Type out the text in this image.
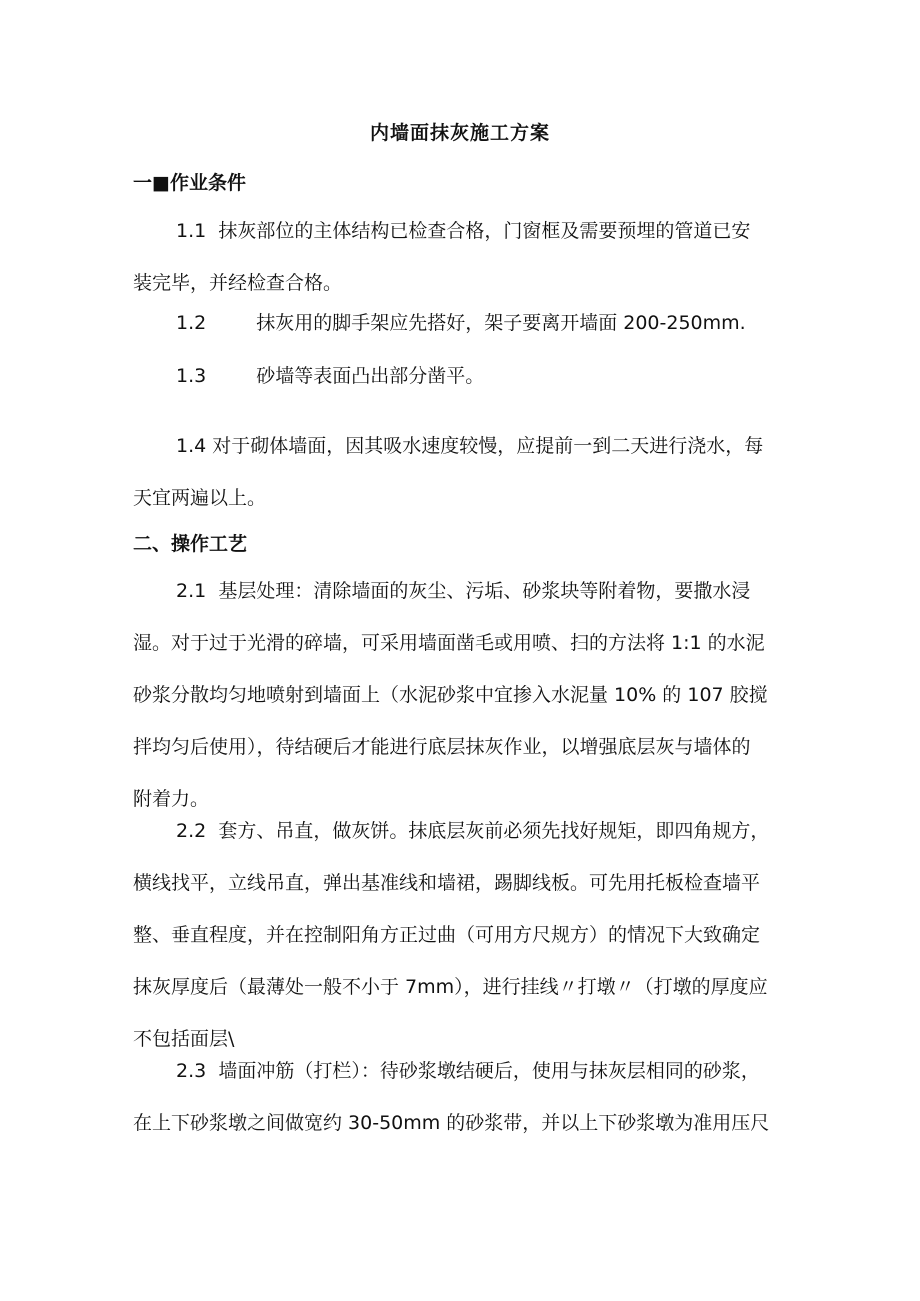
内墙面抹灰施工方案
一■作业条件
1.1 抹灰部位的主体结构已检查合格，门窗框及需要预埋的管道已安
装完毕，并经检查合格。
1.2	抹灰用的脚手架应先搭好，架子要离开墙面 200-250mm.
1.3	砂墙等表面凸出部分凿平。
1.4 对于砌体墙面，因其吸水速度较慢，应提前一到二天进行浇水，每
天宜两遍以上。
二、操作工艺
2.1 基层处理：清除墙面的灰尘、污垢、砂浆块等附着物，要撒水浸
湿。对于过于光滑的碎墙，可采用墙面凿毛或用喷、扫的方法将 1:1 的水泥
砂浆分散均匀地喷射到墙面上（水泥砂浆中宜掺入水泥量 10% 的 107 胶搅
拌均匀后使用），待结硬后才能进行底层抹灰作业，以增强底层灰与墙体的
附着力。
2.2 套方、吊直，做灰饼。抹底层灰前必须先找好规矩，即四角规方，
横线找平，立线吊直，弹出基准线和墙裙，踢脚线板。可先用托板检查墙平
整、垂直程度，并在控制阳角方正过曲（可用方尺规方）的情况下大致确定
抹灰厚度后（最薄处一般不小于 7mm），进行挂线〃打墩〃（打墩的厚度应
不包括面层\
2.3 墙面冲筋（打栏）：待砂浆墩结硬后，使用与抹灰层相同的砂浆，
在上下砂浆墩之间做宽约 30-50mm 的砂浆带，并以上下砂浆墩为准用压尺
